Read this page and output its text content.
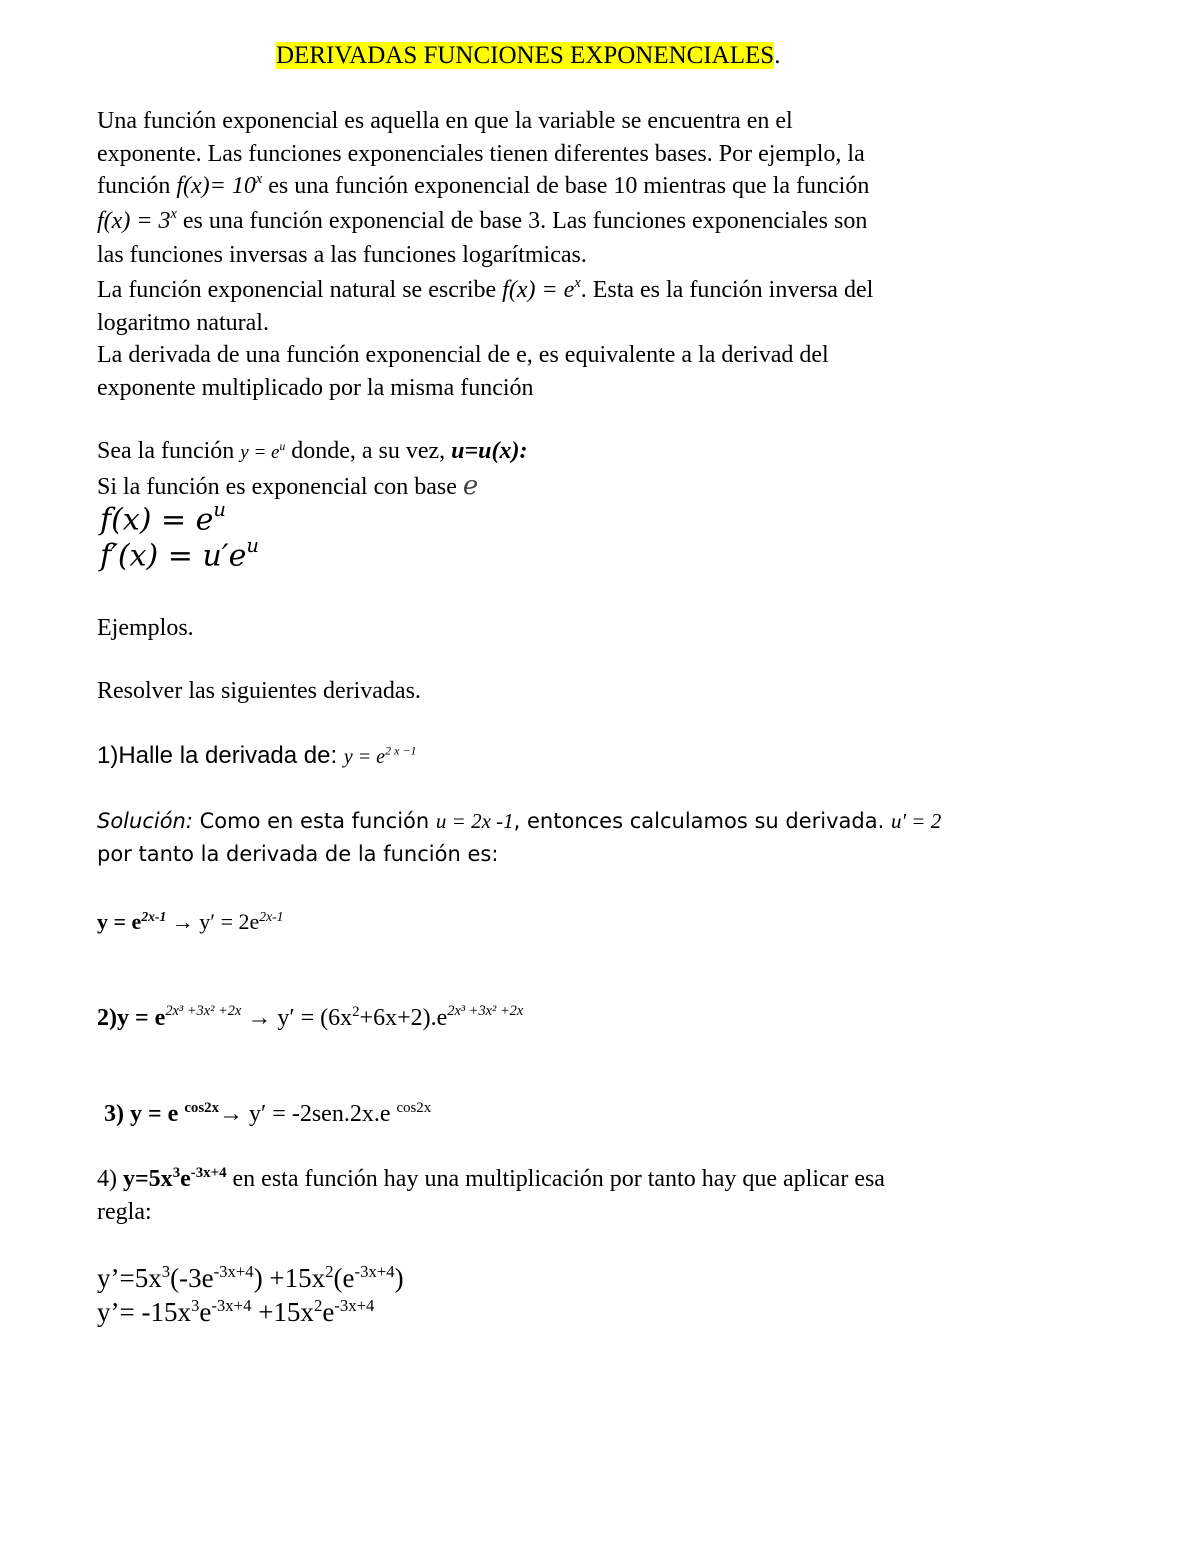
DERIVADAS FUNCIONES EXPONENCIALES.
Una función exponencial es aquella en que la variable se encuentra en el
exponente. Las funciones exponenciales tienen diferentes bases. Por ejemplo, la
función $f(x)= 10^x$ es una función exponencial de base 10 mientras que la función
$f(x) = 3^x$ es una función exponencial de base 3. Las funciones exponenciales son
las funciones inversas a las funciones logarítmicas.
La función exponencial natural se escribe $f(x) = e^x$. Esta es la función inversa del
logaritmo natural.
La derivada de una función exponencial de e, es equivalente a la derivad del
exponente multiplicado por la misma función
Sea la función $y = e^u$ donde, a su vez, u=u(x):
Si la función es exponencial con base e
$f(x) = e^u$
$f'(x) = u'e^u$
Ejemplos.
Resolver las siguientes derivadas.
1)Halle la derivada de: $y = e^{2 x -1}$
Solución: Como en esta función u = 2x -1, entonces calculamos su derivada. u′ = 2
por tanto la derivada de la función es:
$y = e^{2x-1} \to y' = 2e^{2x-1}$
$2)y = e^{2x^3 +3x^2 +2x} \to y' = (6x^2+6x+2).e^{2x^3 +3x^2 +2x}$
3) y = e $^{cos2x}$→ y′ = -2sen.2x.e $^{cos2x}$
4) $y=5x^3e^{-3x+4}$ en esta función hay una multiplicación por tanto hay que aplicar esa
regla:
$y’=5x^3(-3e^{-3x+4}) +15x^2(e^{-3x+4})$
y’= $-15x^3e^{-3x+4} +15x^2e^{-3x+4}$
